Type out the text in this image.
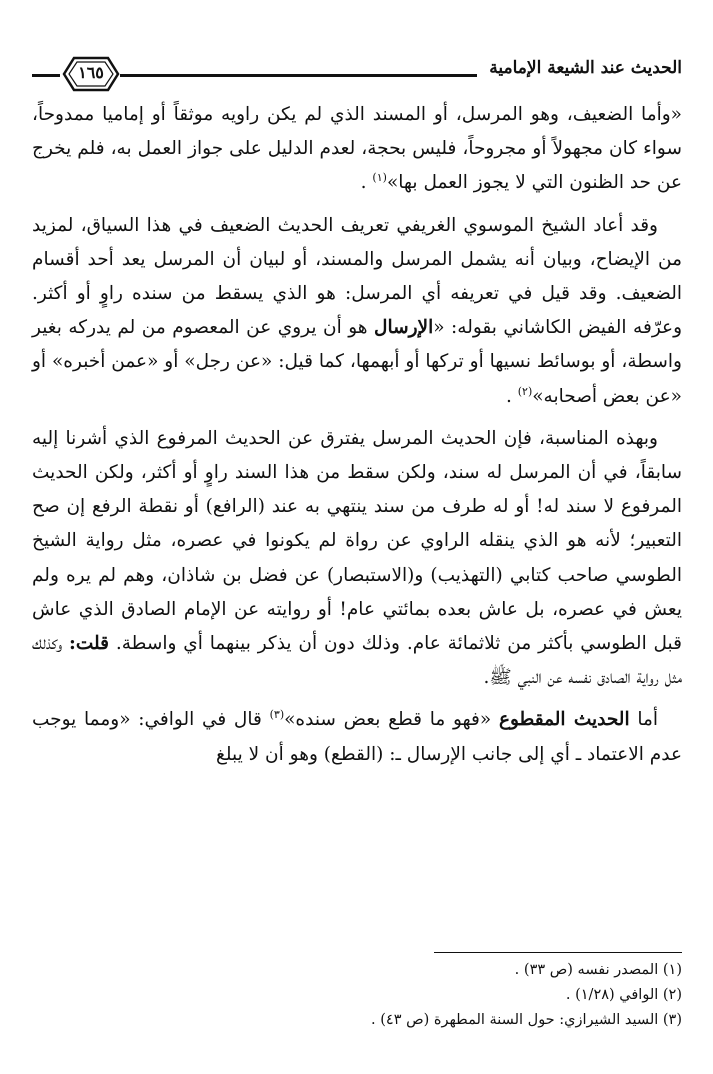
الحديث عند الشيعة الإمامية
١٦٥

«وأما الضعيف، وهو المرسل، أو المسند الذي لم يكن راويه موثقاً أو إماميا ممدوحاً، سواء كان مجهولاً أو مجروحاً، فليس بحجة، لعدم الدليل على جواز العمل به، فلم يخرج عن حد الظنون التي لا يجوز العمل بها»$^{(١)}$ .

وقد أعاد الشيخ الموسوي الغريفي تعريف الحديث الضعيف في هذا السياق، لمزيد من الإيضاح، وبيان أنه يشمل المرسل والمسند، أو لبيان أن المرسل يعد أحد أقسام الضعيف. وقد قيل في تعريفه أي المرسل: هو الذي يسقط من سنده راوٍ أو أكثر. وعرّفه الفيض الكاشاني بقوله: «الإرسال هو أن يروي عن المعصوم من لم يدركه بغير واسطة، أو بوسائط نسيها أو تركها أو أبهمها، كما قيل: «عن رجل» أو «عمن أخبره» أو «عن بعض أصحابه»$^{(٢)}$ .

وبهذه المناسبة، فإن الحديث المرسل يفترق عن الحديث المرفوع الذي أشرنا إليه سابقاً، في أن المرسل له سند، ولكن سقط من هذا السند راوٍ أو أكثر، ولكن الحديث المرفوع لا سند له! أو له طرف من سند ينتهي به عند (الرافع) أو نقطة الرفع إن صح التعبير؛ لأنه هو الذي ينقله الراوي عن رواة لم يكونوا في عصره، مثل رواية الشيخ الطوسي صاحب كتابي (التهذيب) و(الاستبصار) عن فضل بن شاذان، وهم لم يره ولم يعش في عصره، بل عاش بعده بمائتي عام! أو روايته عن الإمام الصادق الذي عاش قبل الطوسي بأكثر من ثلاثمائة عام. وذلك دون أن يذكر بينهما أي واسطة. قلت: وكذلك مثل رواية الصادق نفسه عن النبي ﷺ.

أما الحديث المقطوع «فهو ما قطع بعض سنده»$^{(٣)}$ قال في الوافي: «ومما يوجب عدم الاعتماد ـ أي إلى جانب الإرسال ـ: (القطع) وهو أن لا يبلغ

(١) المصدر نفسه (ص ٣٣) .
(٢) الوافي (١/٢٨) .
(٣) السيد الشيرازي: حول السنة المطهرة (ص ٤٣) .
